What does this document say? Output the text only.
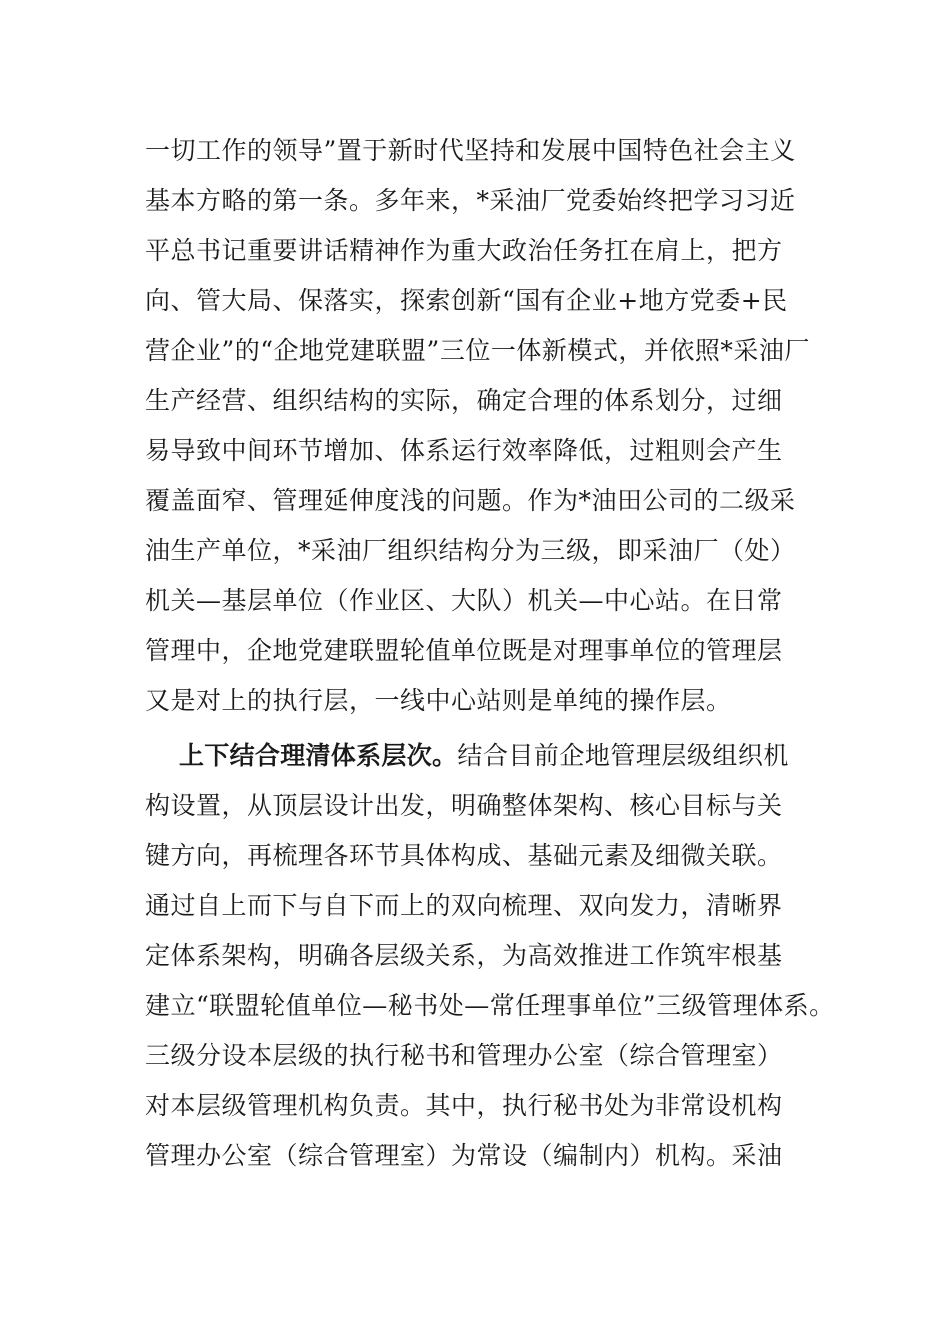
一切工作的领导”置于新时代坚持和发展中国特色社会主义
基本方略的第一条。多年来，*采油厂党委始终把学习习近
平总书记重要讲话精神作为重大政治任务扛在肩上，把方
向、管大局、保落实，探索创新“国有企业+地方党委+民
营企业”的“企地党建联盟”三位一体新模式，并依照*采油厂
生产经营、组织结构的实际，确定合理的体系划分，过细
易导致中间环节增加、体系运行效率降低，过粗则会产生
覆盖面窄、管理延伸度浅的问题。作为*油田公司的二级采
油生产单位，*采油厂组织结构分为三级，即采油厂（处）
机关—基层单位（作业区、大队）机关—中心站。在日常
管理中，企地党建联盟轮值单位既是对理事单位的管理层
又是对上的执行层，一线中心站则是单纯的操作层。
上下结合理清体系层次。结合目前企地管理层级组织机
构设置，从顶层设计出发，明确整体架构、核心目标与关
键方向，再梳理各环节具体构成、基础元素及细微关联。
通过自上而下与自下而上的双向梳理、双向发力，清晰界
定体系架构，明确各层级关系，为高效推进工作筑牢根基
建立“联盟轮值单位—秘书处—常任理事单位”三级管理体系。
三级分设本层级的执行秘书和管理办公室（综合管理室）
对本层级管理机构负责。其中，执行秘书处为非常设机构
管理办公室（综合管理室）为常设（编制内）机构。采油
